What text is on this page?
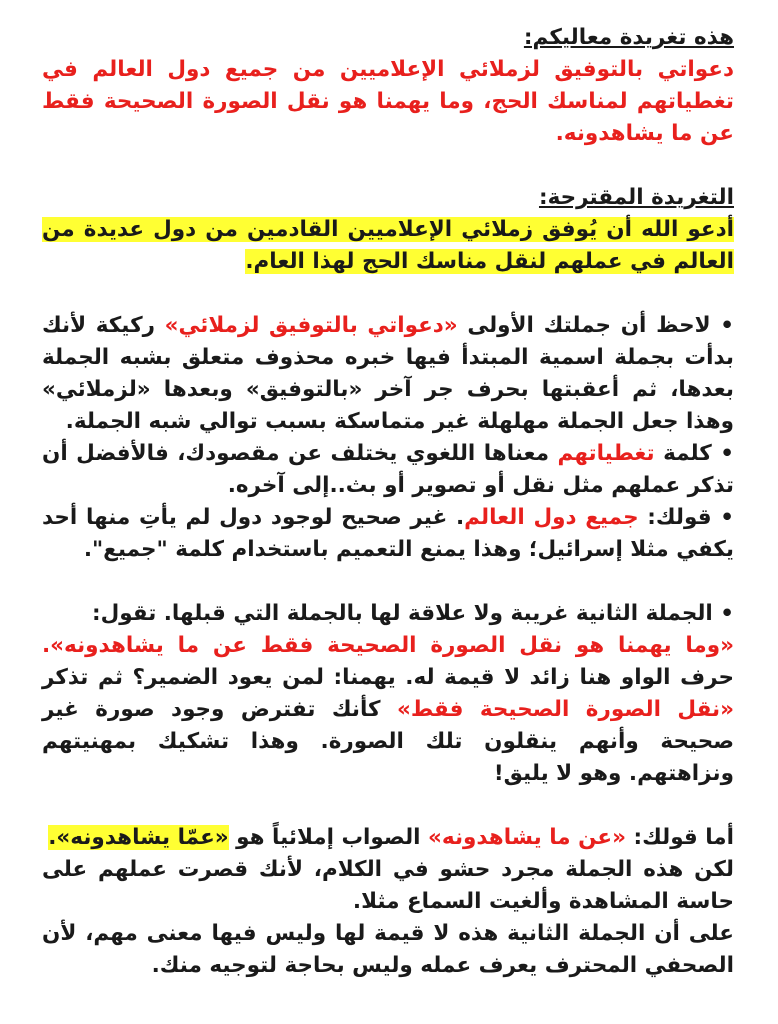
هذه تغريدة معاليكم:

دعواتي بالتوفيق لزملائي الإعلاميين من جميع دول العالم في تغطياتهم لمناسك الحج، وما يهمنا هو نقل الصورة الصحيحة فقط عن ما يشاهدونه.

التغريدة المقترحة:

أدعو الله أن يُوفق زملائي الإعلاميين القادمين من دول عديدة من العالم في عملهم لنقل مناسك الحج لهذا العام.

• لاحظ أن جملتك الأولى «دعواتي بالتوفيق لزملائي» ركيكة لأنك بدأت بجملة اسمية المبتدأ فيها خبره محذوف متعلق بشبه الجملة بعدها، ثم أعقبتها بحرف جر آخر «بالتوفيق» وبعدها «لزملائي» وهذا جعل الجملة مهلهلة غير متماسكة بسبب توالي شبه الجملة.

• كلمة تغطياتهم معناها اللغوي يختلف عن مقصودك، فالأفضل أن تذكر عملهم مثل نقل أو تصوير أو بث..إلى آخره.

• قولك: جميع دول العالم. غير صحيح لوجود دول لم يأتِ منها أحد يكفي مثلا إسرائيل؛ وهذا يمنع التعميم باستخدام كلمة "جميع".

• الجملة الثانية غريبة ولا علاقة لها بالجملة التي قبلها. تقول:
«وما يهمنا هو نقل الصورة الصحيحة فقط عن ما يشاهدونه». حرف الواو هنا زائد لا قيمة له. يهمنا: لمن يعود الضمير؟ ثم تذكر «نقل الصورة الصحيحة فقط» كأنك تفترض وجود صورة غير صحيحة وأنهم ينقلون تلك الصورة. وهذا تشكيك بمهنيتهم ونزاهتهم. وهو لا يليق!

أما قولك: «عن ما يشاهدونه» الصواب إملائياً هو «عمّا يشاهدونه».

لكن هذه الجملة مجرد حشو في الكلام، لأنك قصرت عملهم على حاسة المشاهدة وألغيت السماع مثلا.

على أن الجملة الثانية هذه لا قيمة لها وليس فيها معنى مهم، لأن الصحفي المحترف يعرف عمله وليس بحاجة لتوجيه منك.
